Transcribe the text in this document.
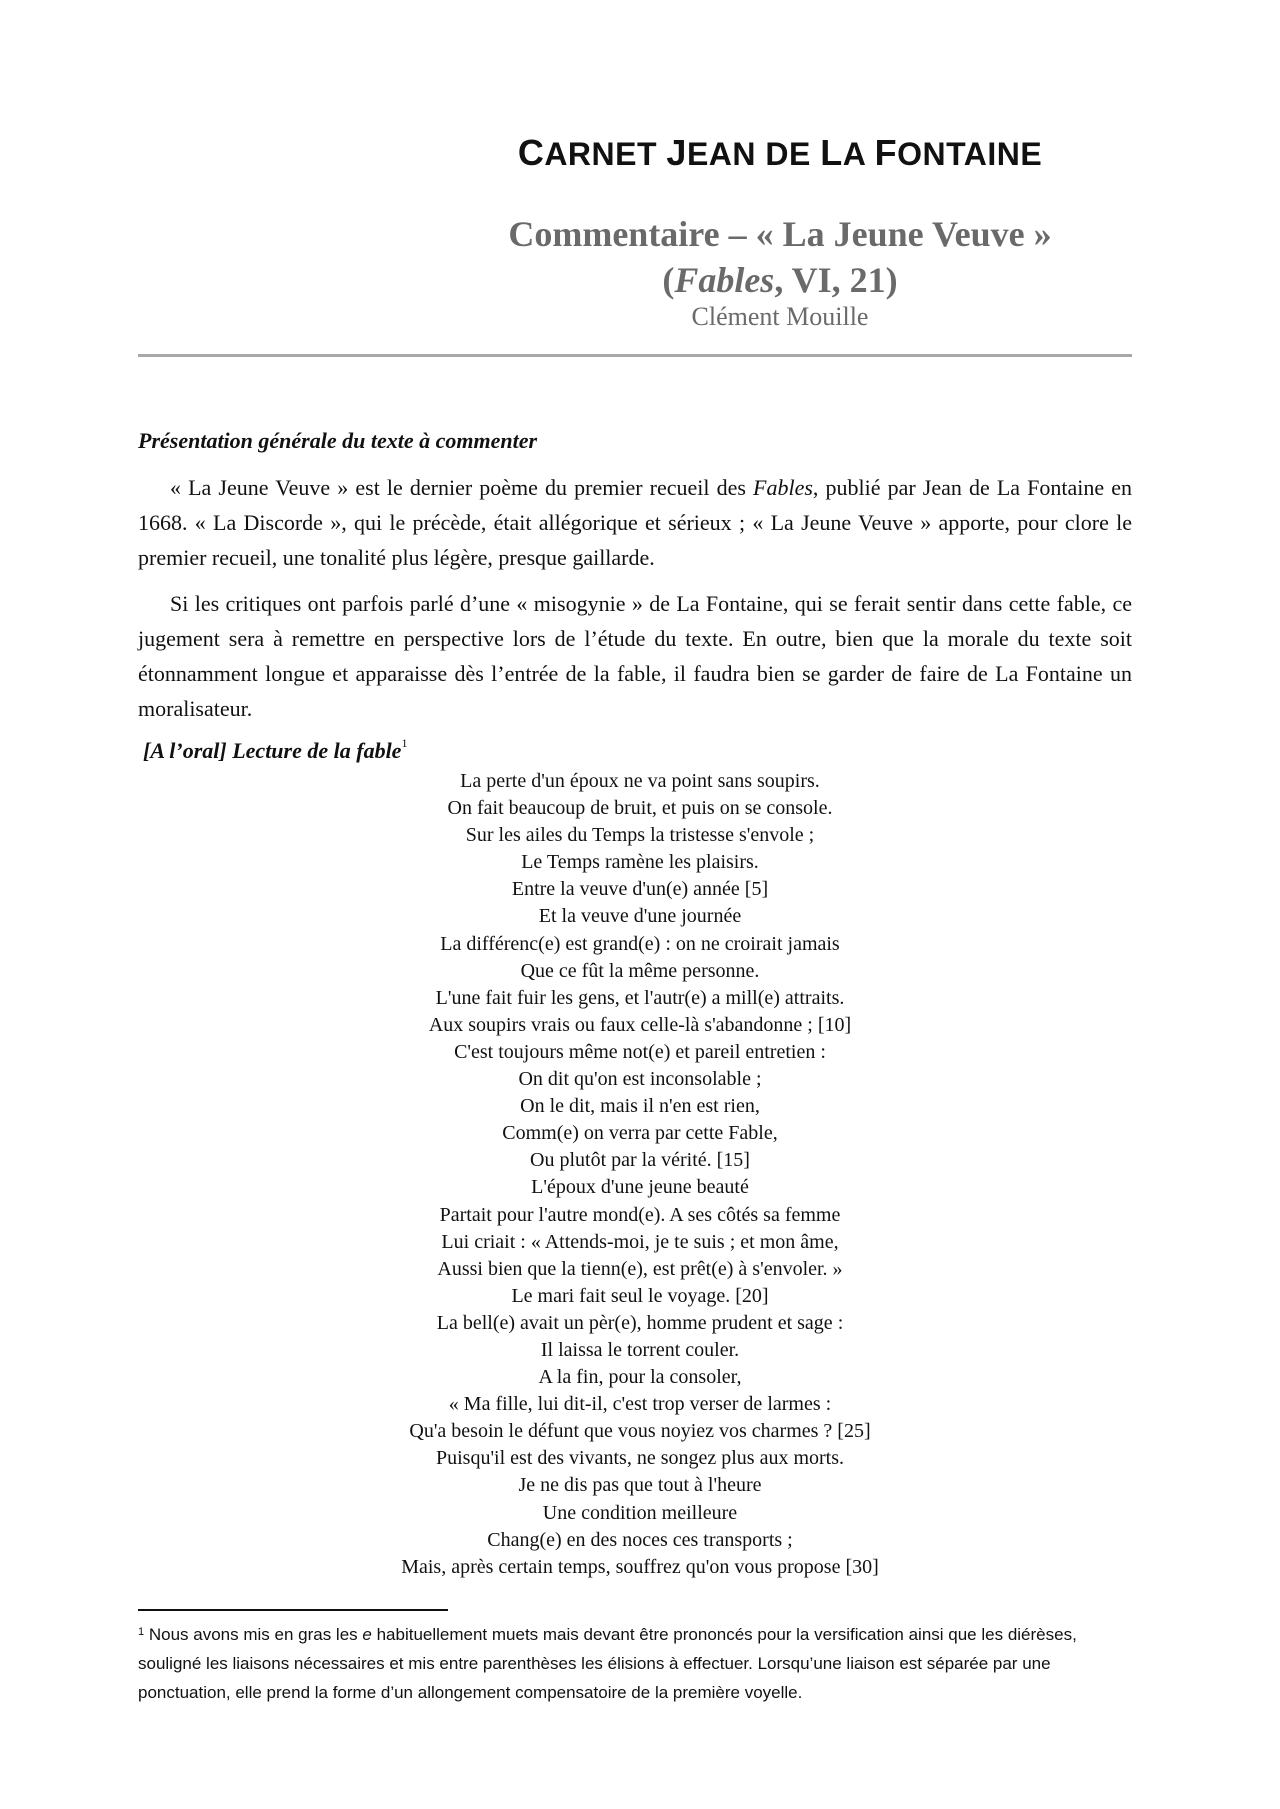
CARNET JEAN DE LA FONTAINE
Commentaire – « La Jeune Veuve »
(Fables, VI, 21)
Clément Mouille
Présentation générale du texte à commenter

« La Jeune Veuve » est le dernier poème du premier recueil des Fables, publié par Jean de La Fontaine en 1668. « La Discorde », qui le précède, était allégorique et sérieux ; « La Jeune Veuve » apporte, pour clore le premier recueil, une tonalité plus légère, presque gaillarde.

Si les critiques ont parfois parlé d’une « misogynie » de La Fontaine, qui se ferait sentir dans cette fable, ce jugement sera à remettre en perspective lors de l’étude du texte. En outre, bien que la morale du texte soit étonnamment longue et apparaisse dès l’entrée de la fable, il faudra bien se garder de faire de La Fontaine un moralisateur.

[A l’oral] Lecture de la fable$^1$
La perte d'un époux ne va point sans soupirs.
On fait beaucoup de bruit, et puis on se console.
Sur les ailes du Temps la tristesse s'envole ;
Le Temps ramène les plaisirs.
Entre la veuve d'un(e) année [5]
Et la veuve d'une journée
La différenc(e) est grand(e) : on ne croirait jamais
Que ce fût la même personne.
L'une fait fuir les gens, et l'autr(e) a mill(e) attraits.
Aux soupirs vrais ou faux celle-là s'abandonne ; [10]
C'est toujours même not(e) et pareil entretien :
On dit qu'on est inconsolable ;
On le dit, mais il n'en est rien,
Comm(e) on verra par cette Fable,
Ou plutôt par la vérité. [15]
L'époux d'une jeune beauté
Partait pour l'autre mond(e). A ses côtés sa femme
Lui criait : « Attends-moi, je te suis ; et mon âme,
Aussi bien que la tienn(e), est prêt(e) à s'envoler. »
Le mari fait seul le voyage. [20]
La bell(e) avait un pèr(e), homme prudent et sage :
Il laissa le torrent couler.
A la fin, pour la consoler,
« Ma fille, lui dit-il, c'est trop verser de larmes :
Qu'a besoin le défunt que vous noyiez vos charmes ? [25]
Puisqu'il est des vivants, ne songez plus aux morts.
Je ne dis pas que tout à l'heure
Une condition meilleure
Chang(e) en des noces ces transports ;
Mais, après certain temps, souffrez qu'on vous propose [30]

$^1$ Nous avons mis en gras les e habituellement muets mais devant être prononcés pour la versification ainsi que les diérèses, souligné les liaisons nécessaires et mis entre parenthèses les élisions à effectuer. Lorsqu’une liaison est séparée par une ponctuation, elle prend la forme d’un allongement compensatoire de la première voyelle.
